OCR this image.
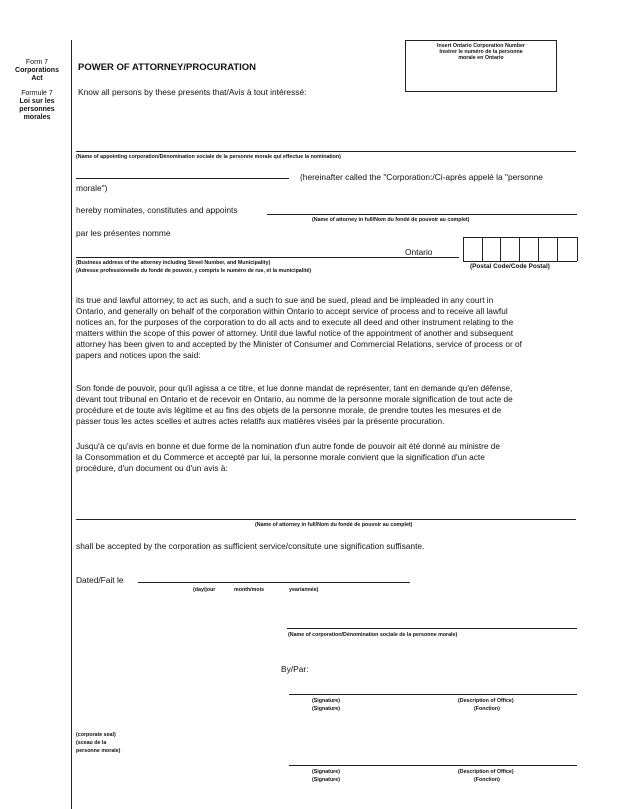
Form 7
Corporations
Act
Formule 7
Loi sur les
personnes
morales
Insert Ontario Corporation Number
Insérer le numéro de la personne
morale en Ontario
POWER OF ATTORNEY/PROCURATION
Know all persons by these presents that/Avis à tout intéressé:
(Name of appointing corporation/Dénomination sociale de la personne morale qui effectue la nomination)
(hereinafter called the "Corporation:/Ci-après appelé la "personne
morale")
hereby nominates, constitutes and appoints
(Name of attorney in full/Nom du fondé de pouvoir au complet)
par les présentes nomme
Ontario
(Business address of the attorney including Street Number, and Municipality)
(Adresse professionnelle du fondé de pouvoir, y compris le numéro de rue, et la municipalité)
(Postal Code/Code Postal)
its true and lawful attorney, to act as such, and a such to sue and be sued, plead and be impleaded in any court in
Ontario, and generally on behalf of the corporation within Ontario to accept service of process and to receive all lawful
notices an, for the purposes of the corporation to do all acts and to execute all deed and other instrument relating to the
matters within the scope of this power of attorney. Until due lawful notice of the appointment of another and subsequent
attorney has been given to and accepted by the Minister of Consumer and Commercial Relations, service of process or of
papers and notices upon the said:
Son fonde de pouvoir, pour qu'il agissa a ce titre, et lue donne mandat de représenter, tant en demande qu'en défense,
devant tout tribunal en Ontario et de recevoir en Ontario, au nomme de la personne morale signification de tout acte de
procédure et de toute avis légitime et au fins des objets de la personne morale, de prendre toutes les mesures et de
passer tous les actes scelles et autres actes relatifs aux matières visées par la présente procuration.
Jusqu'à ce qu'avis en bonne et due forme de la nomination d'un autre fonde de pouvoir ait été donné au ministre de
la Consommation et du Commerce et accepté par lui, la personne morale convient que la signification d'un acte
procédure, d'un document ou d'un avis à:
(Name of attorney in full/Nom du fondé de pouvoir au complet)
shall be accepted by the corporation as sufficient service/consitute une signification suffisante.
Dated/Fait le
(day/jour	month/mois	year/année)
(Name of corporation/Dénomination sociale de la personne morale)
By/Par:
(Signature)
(Signature)
(Description of Office)
(Fonction)
(corporate seal)
(sceau de la
personne morale)
(Signature)
(Signature)
(Description of Office)
(Fonction)
